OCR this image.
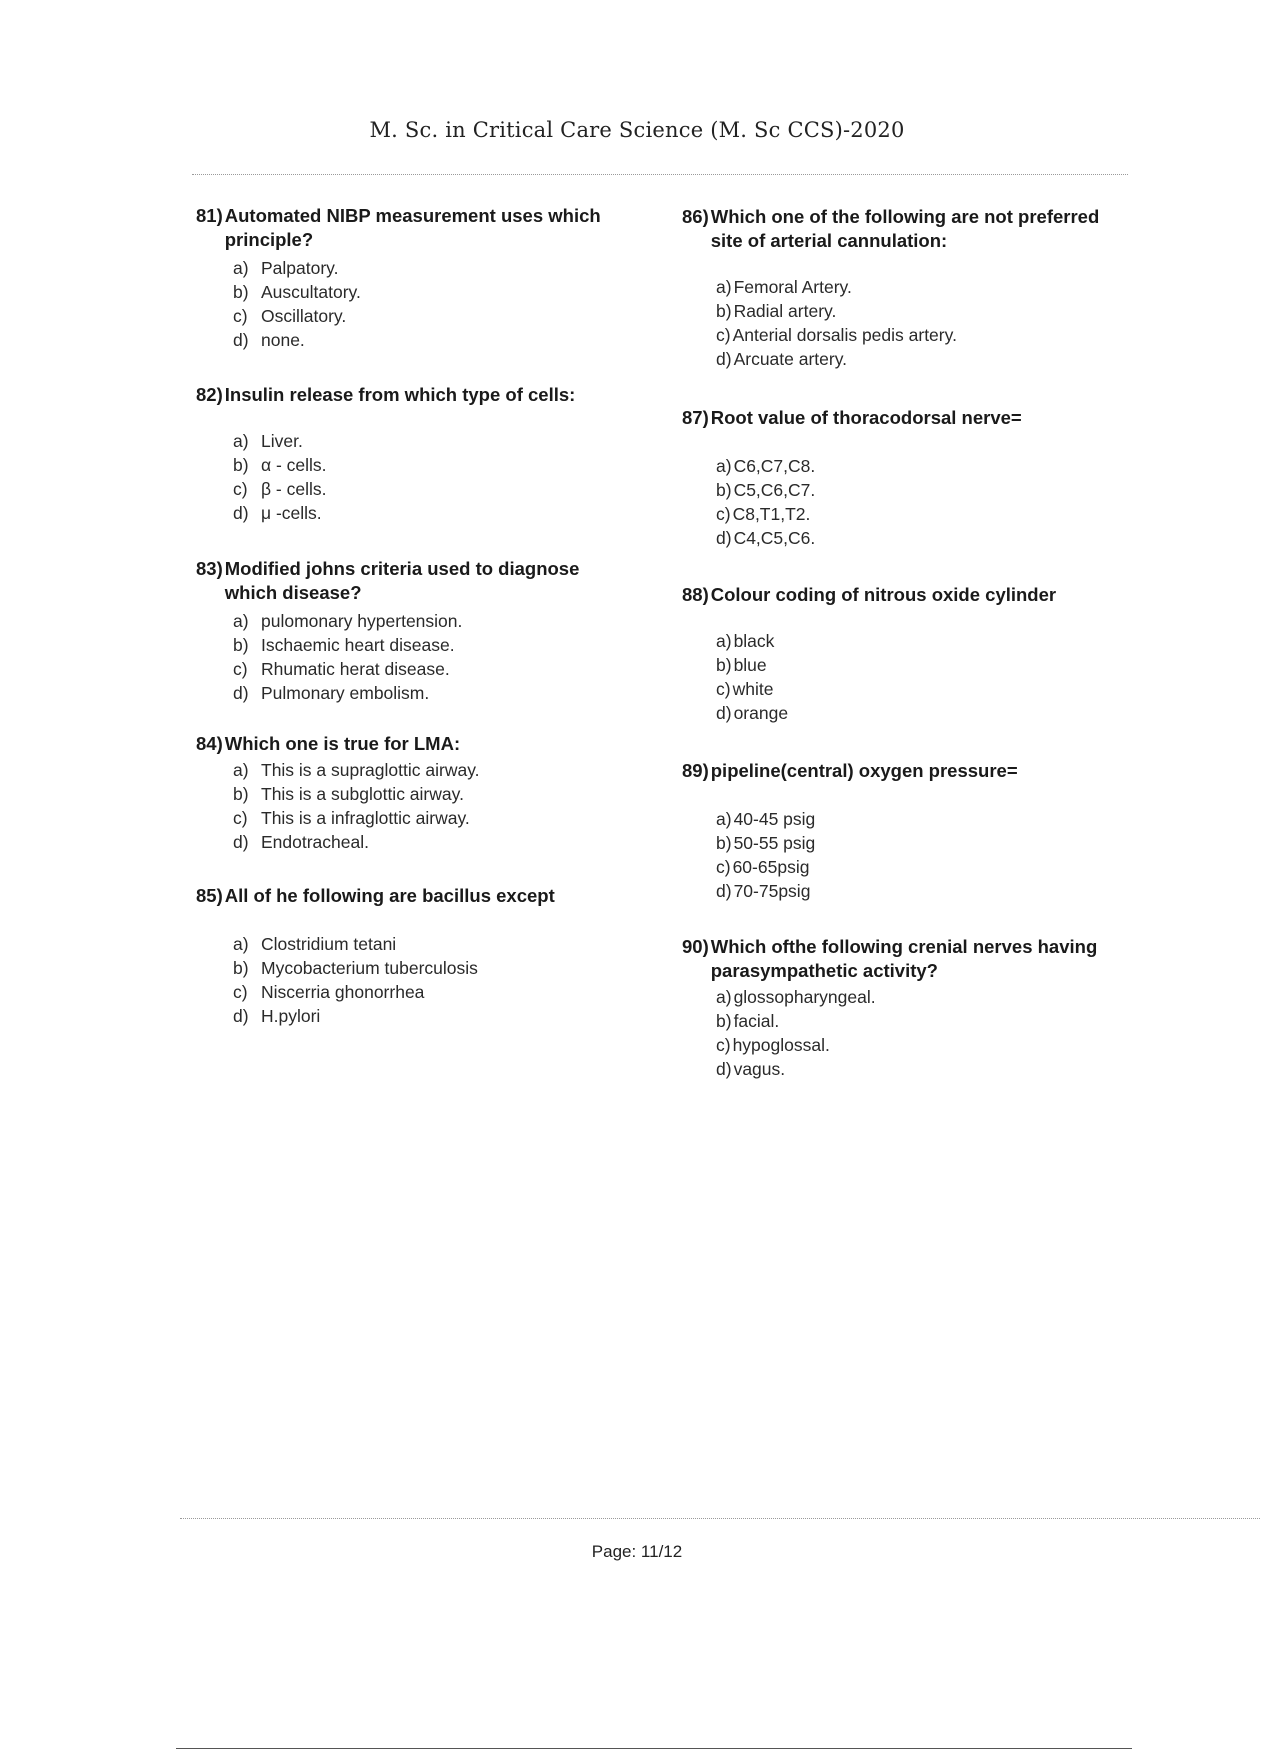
M. Sc. in Critical Care Science (M. Sc CCS)-2020
81) Automated NIBP measurement uses which principle?
a) Palpatory.
b) Auscultatory.
c) Oscillatory.
d) none.
82) Insulin release from which type of cells:
a) Liver.
b) α - cells.
c) β - cells.
d) μ -cells.
83) Modified johns criteria used to diagnose which disease?
a) pulomonary hypertension.
b) Ischaemic heart disease.
c) Rhumatic herat disease.
d) Pulmonary embolism.
84) Which one is true for LMA:
a) This is a supraglottic airway.
b) This is a subglottic airway.
c) This is a infraglottic airway.
d) Endotracheal.
85) All of he following are bacillus except
a) Clostridium tetani
b) Mycobacterium tuberculosis
c) Niscerria ghonorrhea
d) H.pylori
86) Which one of the following are not preferred site of arterial cannulation:
a) Femoral Artery.
b) Radial artery.
c) Anterial dorsalis pedis artery.
d) Arcuate artery.
87) Root value of thoracodorsal nerve=
a) C6,C7,C8.
b) C5,C6,C7.
c) C8,T1,T2.
d) C4,C5,C6.
88) Colour coding of nitrous oxide cylinder
a) black
b) blue
c) white
d) orange
89) pipeline(central) oxygen pressure=
a) 40-45 psig
b) 50-55 psig
c) 60-65psig
d) 70-75psig
90) Which ofthe following crenial nerves having parasympathetic activity?
a) glossopharyngeal.
b) facial.
c) hypoglossal.
d) vagus.
Page: 11/12
